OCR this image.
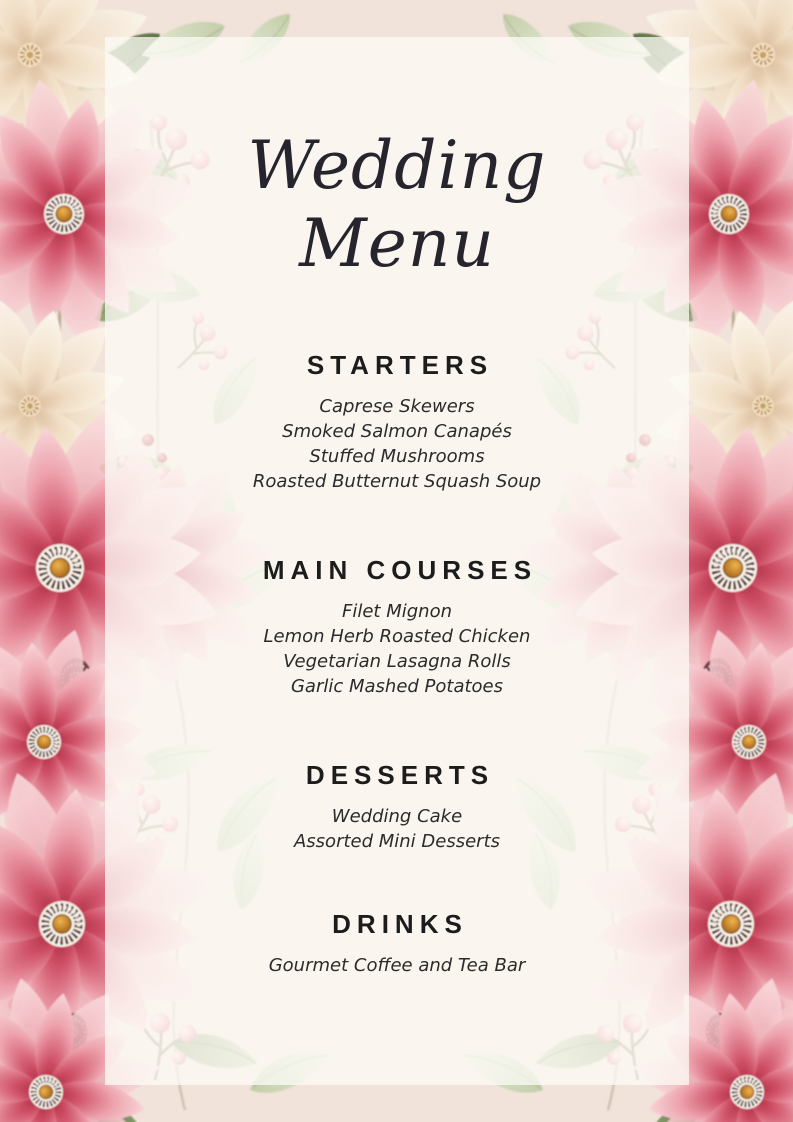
Wedding
Menu
STARTERS
Caprese Skewers
Smoked Salmon Canapés
Stuffed Mushrooms
Roasted Butternut Squash Soup
MAIN COURSES
Filet Mignon
Lemon Herb Roasted Chicken
Vegetarian Lasagna Rolls
Garlic Mashed Potatoes
DESSERTS
Wedding Cake
Assorted Mini Desserts
DRINKS
Gourmet Coffee and Tea Bar
